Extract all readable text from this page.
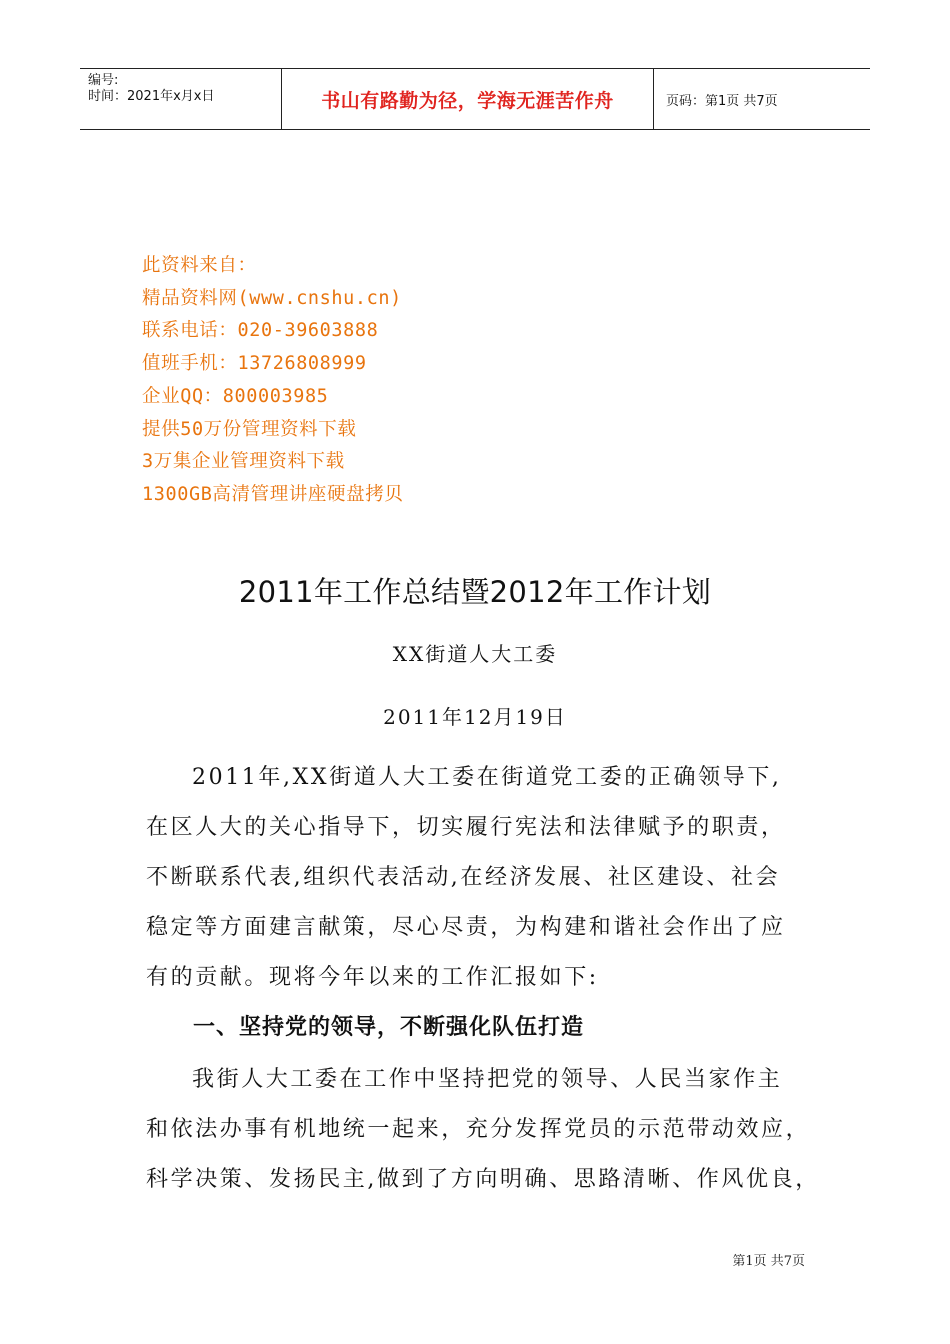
编号:
时间：2021年x月x日	书山有路勤为径，学海无涯苦作舟	页码：第1页 共7页
此资料来自：
精品资料网(www.cnshu.cn)
联系电话：020-39603888
值班手机：13726808999
企业QQ：800003985
提供50万份管理资料下载
3万集企业管理资料下载
1300GB高清管理讲座硬盘拷贝
2011年工作总结暨2012年工作计划
XX街道人大工委
2011年12月19日
2011年,XX街道人大工委在街道党工委的正确领导下,
在区人大的关心指导下，切实履行宪法和法律赋予的职责，
不断联系代表,组织代表活动,在经济发展、社区建设、社会
稳定等方面建言献策，尽心尽责，为构建和谐社会作出了应
有的贡献。现将今年以来的工作汇报如下:
一、坚持党的领导，不断强化队伍打造
我街人大工委在工作中坚持把党的领导、人民当家作主
和依法办事有机地统一起来，充分发挥党员的示范带动效应，
科学决策、发扬民主,做到了方向明确、思路清晰、作风优良，
第1页 共7页
